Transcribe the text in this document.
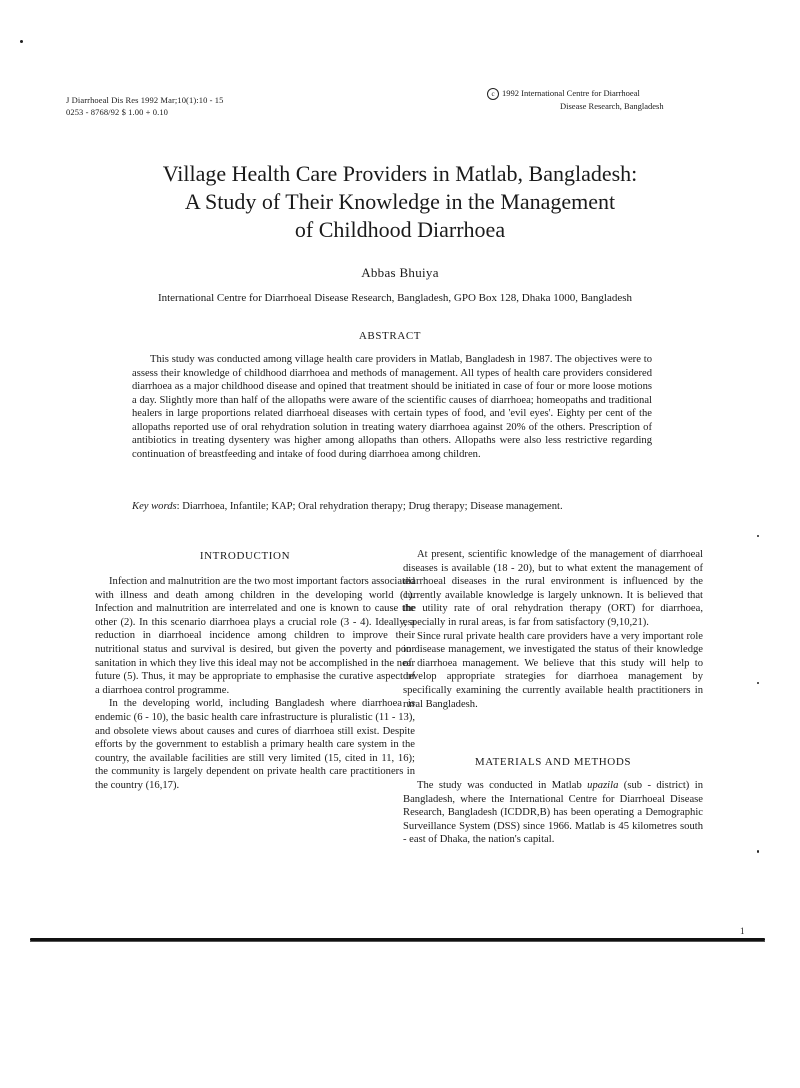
J Diarrhoeal Dis Res 1992 Mar;10(1):10 - 15
0253 - 8768/92 $ 1.00 + 0.10
c 1992 International Centre for Diarrhoeal
Disease Research, Bangladesh
Village Health Care Providers in Matlab, Bangladesh:
A Study of Their Knowledge in the Management
of Childhood Diarrhoea
Abbas Bhuiya
International Centre for Diarrhoeal Disease Research, Bangladesh, GPO Box 128, Dhaka 1000, Bangladesh
ABSTRACT

This study was conducted among village health care providers in Matlab, Bangladesh in 1987. The objectives were to assess their knowledge of childhood diarrhoea and methods of management. All types of health care providers considered diarrhoea as a major childhood disease and opined that treatment should be initiated in case of four or more loose motions a day. Slightly more than half of the allopaths were aware of the scientific causes of diarrhoea; homeopaths and traditional healers in large proportions related diarrhoeal diseases with certain types of food, and 'evil eyes'. Eighty per cent of the allopaths reported use of oral rehydration solution in treating watery diarrhoea against 20% of the others. Prescription of antibiotics in treating dysentery was higher among allopaths than others. Allopaths were also less restrictive regarding continuation of breastfeeding and intake of food during diarrhoea among children.

Key words: Diarrhoea, Infantile; KAP; Oral rehydration therapy; Drug therapy; Disease management.

INTRODUCTION

Infection and malnutrition are the two most important factors associated with illness and death among children in the developing world (1). Infection and malnutrition are interrelated and one is known to cause the other (2). In this scenario diarrhoea plays a crucial role (3 - 4). Ideally, a reduction in diarrhoeal incidence among children to improve their nutritional status and survival is desired, but given the poverty and poor sanitation in which they live this ideal may not be accomplished in the near future (5). Thus, it may be appropriate to emphasise the curative aspect of a diarrhoea control programme.

In the developing world, including Bangladesh where diarrhoea is endemic (6 - 10), the basic health care infrastructure is pluralistic (11 - 13), and obsolete views about causes and cures of diarrhoea still exist. Despite efforts by the government to establish a primary health care system in the country, the available facilities are still very limited (15, cited in 11, 16); the community is largely dependent on private health care practitioners in the country (16,17).

At present, scientific knowledge of the management of diarrhoeal diseases is available (18 - 20), but to what extent the management of diarrhoeal diseases in the rural environment is influenced by the currently available knowledge is largely unknown. It is believed that the utility rate of oral rehydration therapy (ORT) for diarrhoea, especially in rural areas, is far from satisfactory (9,10,21).

Since rural private health care providers have a very important role in disease management, we investigated the status of their knowledge of diarrhoea management. We believe that this study will help to develop appropriate strategies for diarrhoea management by specifically examining the currently available health practitioners in rural Bangladesh.

MATERIALS AND METHODS

The study was conducted in Matlab upazila (sub - district) in Bangladesh, where the International Centre for Diarrhoeal Disease Research, Bangladesh (ICDDR,B) has been operating a Demographic Surveillance System (DSS) since 1966. Matlab is 45 kilometres south - east of Dhaka, the nation's capital.

1
